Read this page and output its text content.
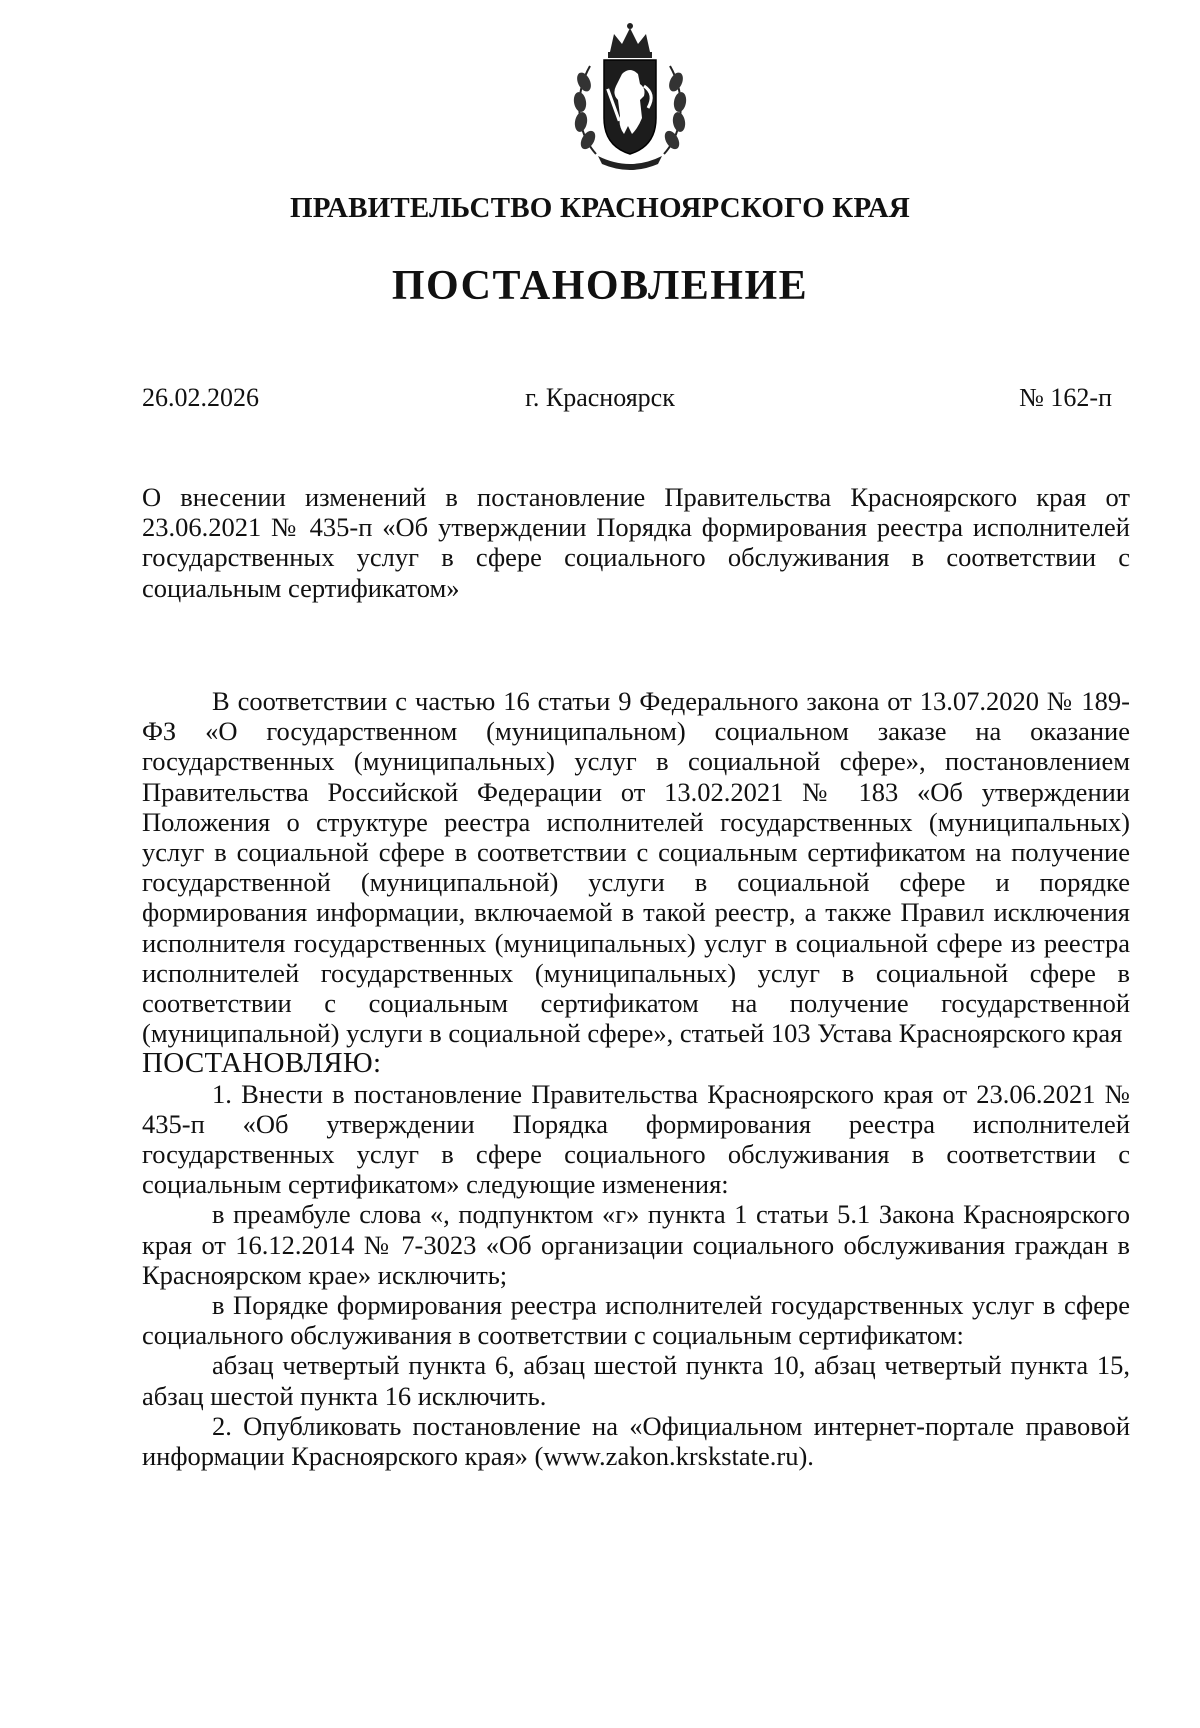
ПРАВИТЕЛЬСТВО КРАСНОЯРСКОГО КРАЯ
ПОСТАНОВЛЕНИЕ
26.02.2026	г. Красноярск	№ 162-п
О внесении изменений в постановление Правительства Красноярского края от 23.06.2021 № 435-п «Об утверждении Порядка формирования реестра исполнителей государственных услуг в сфере социального обслуживания в соответствии с социальным сертификатом»

В соответствии с частью 16 статьи 9 Федерального закона от 13.07.2020 № 189-ФЗ «О государственном (муниципальном) социальном заказе на оказание государственных (муниципальных) услуг в социальной сфере», постановлением Правительства Российской Федерации от 13.02.2021 № 183 «Об утверждении Положения о структуре реестра исполнителей государственных (муниципальных) услуг в социальной сфере в соответствии с социальным сертификатом на получение государственной (муниципальной) услуги в социальной сфере и порядке формирования информации, включаемой в такой реестр, а также Правил исключения исполнителя государственных (муниципальных) услуг в социальной сфере из реестра исполнителей государственных (муниципальных) услуг в социальной сфере в соответствии с социальным сертификатом на получение государственной (муниципальной) услуги в социальной сфере», статьей 103 Устава Красноярского края

ПОСТАНОВЛЯЮ:

1. Внести в постановление Правительства Красноярского края от 23.06.2021 № 435-п «Об утверждении Порядка формирования реестра исполнителей государственных услуг в сфере социального обслуживания в соответствии с социальным сертификатом» следующие изменения:

в преамбуле слова «, подпунктом «г» пункта 1 статьи 5.1 Закона Красноярского края от 16.12.2014 № 7-3023 «Об организации социального обслуживания граждан в Красноярском крае» исключить;

в Порядке формирования реестра исполнителей государственных услуг в сфере социального обслуживания в соответствии с социальным сертификатом:

абзац четвертый пункта 6, абзац шестой пункта 10, абзац четвертый пункта 15, абзац шестой пункта 16 исключить.

2. Опубликовать постановление на «Официальном интернет-портале правовой информации Красноярского края» (www.zakon.krskstate.ru).
